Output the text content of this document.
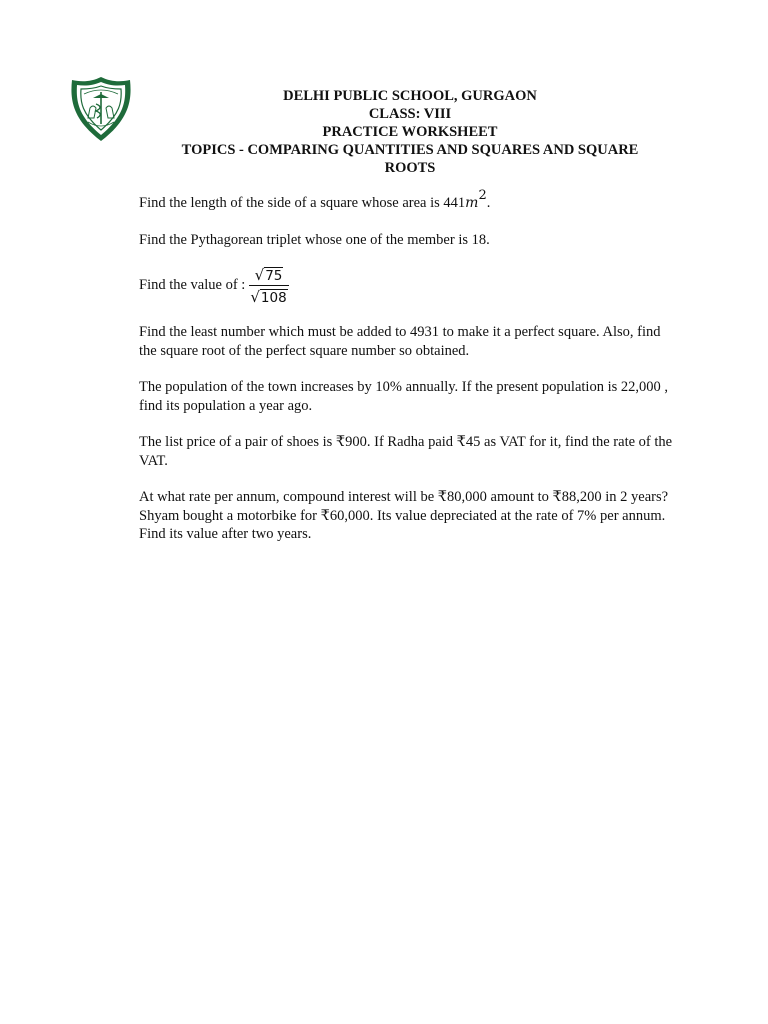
DELHI PUBLIC SCHOOL, GURGAON
CLASS: VIII
PRACTICE WORKSHEET
TOPICS - COMPARING QUANTITIES AND SQUARES AND SQUARE ROOTS

Find the length of the side of a square whose area is $441m^2$.

Find the Pythagorean triplet whose one of the member is 18.

Find the value of : $\frac{√ 75}{√ 108}$

Find the least number which must be added to 4931 to make it a perfect square. Also, find the square root of the perfect square number so obtained.

The population of the town increases by 10% annually. If the present population is 22,000 , find its population a year ago.

The list price of a pair of shoes is ₹900. If Radha paid ₹45 as VAT for it, find the rate of the VAT.

At what rate per annum, compound interest will be ₹80,000 amount to ₹88,200 in 2 years?

Shyam bought a motorbike for ₹60,000. Its value depreciated at the rate of 7% per annum. Find its value after two years.
